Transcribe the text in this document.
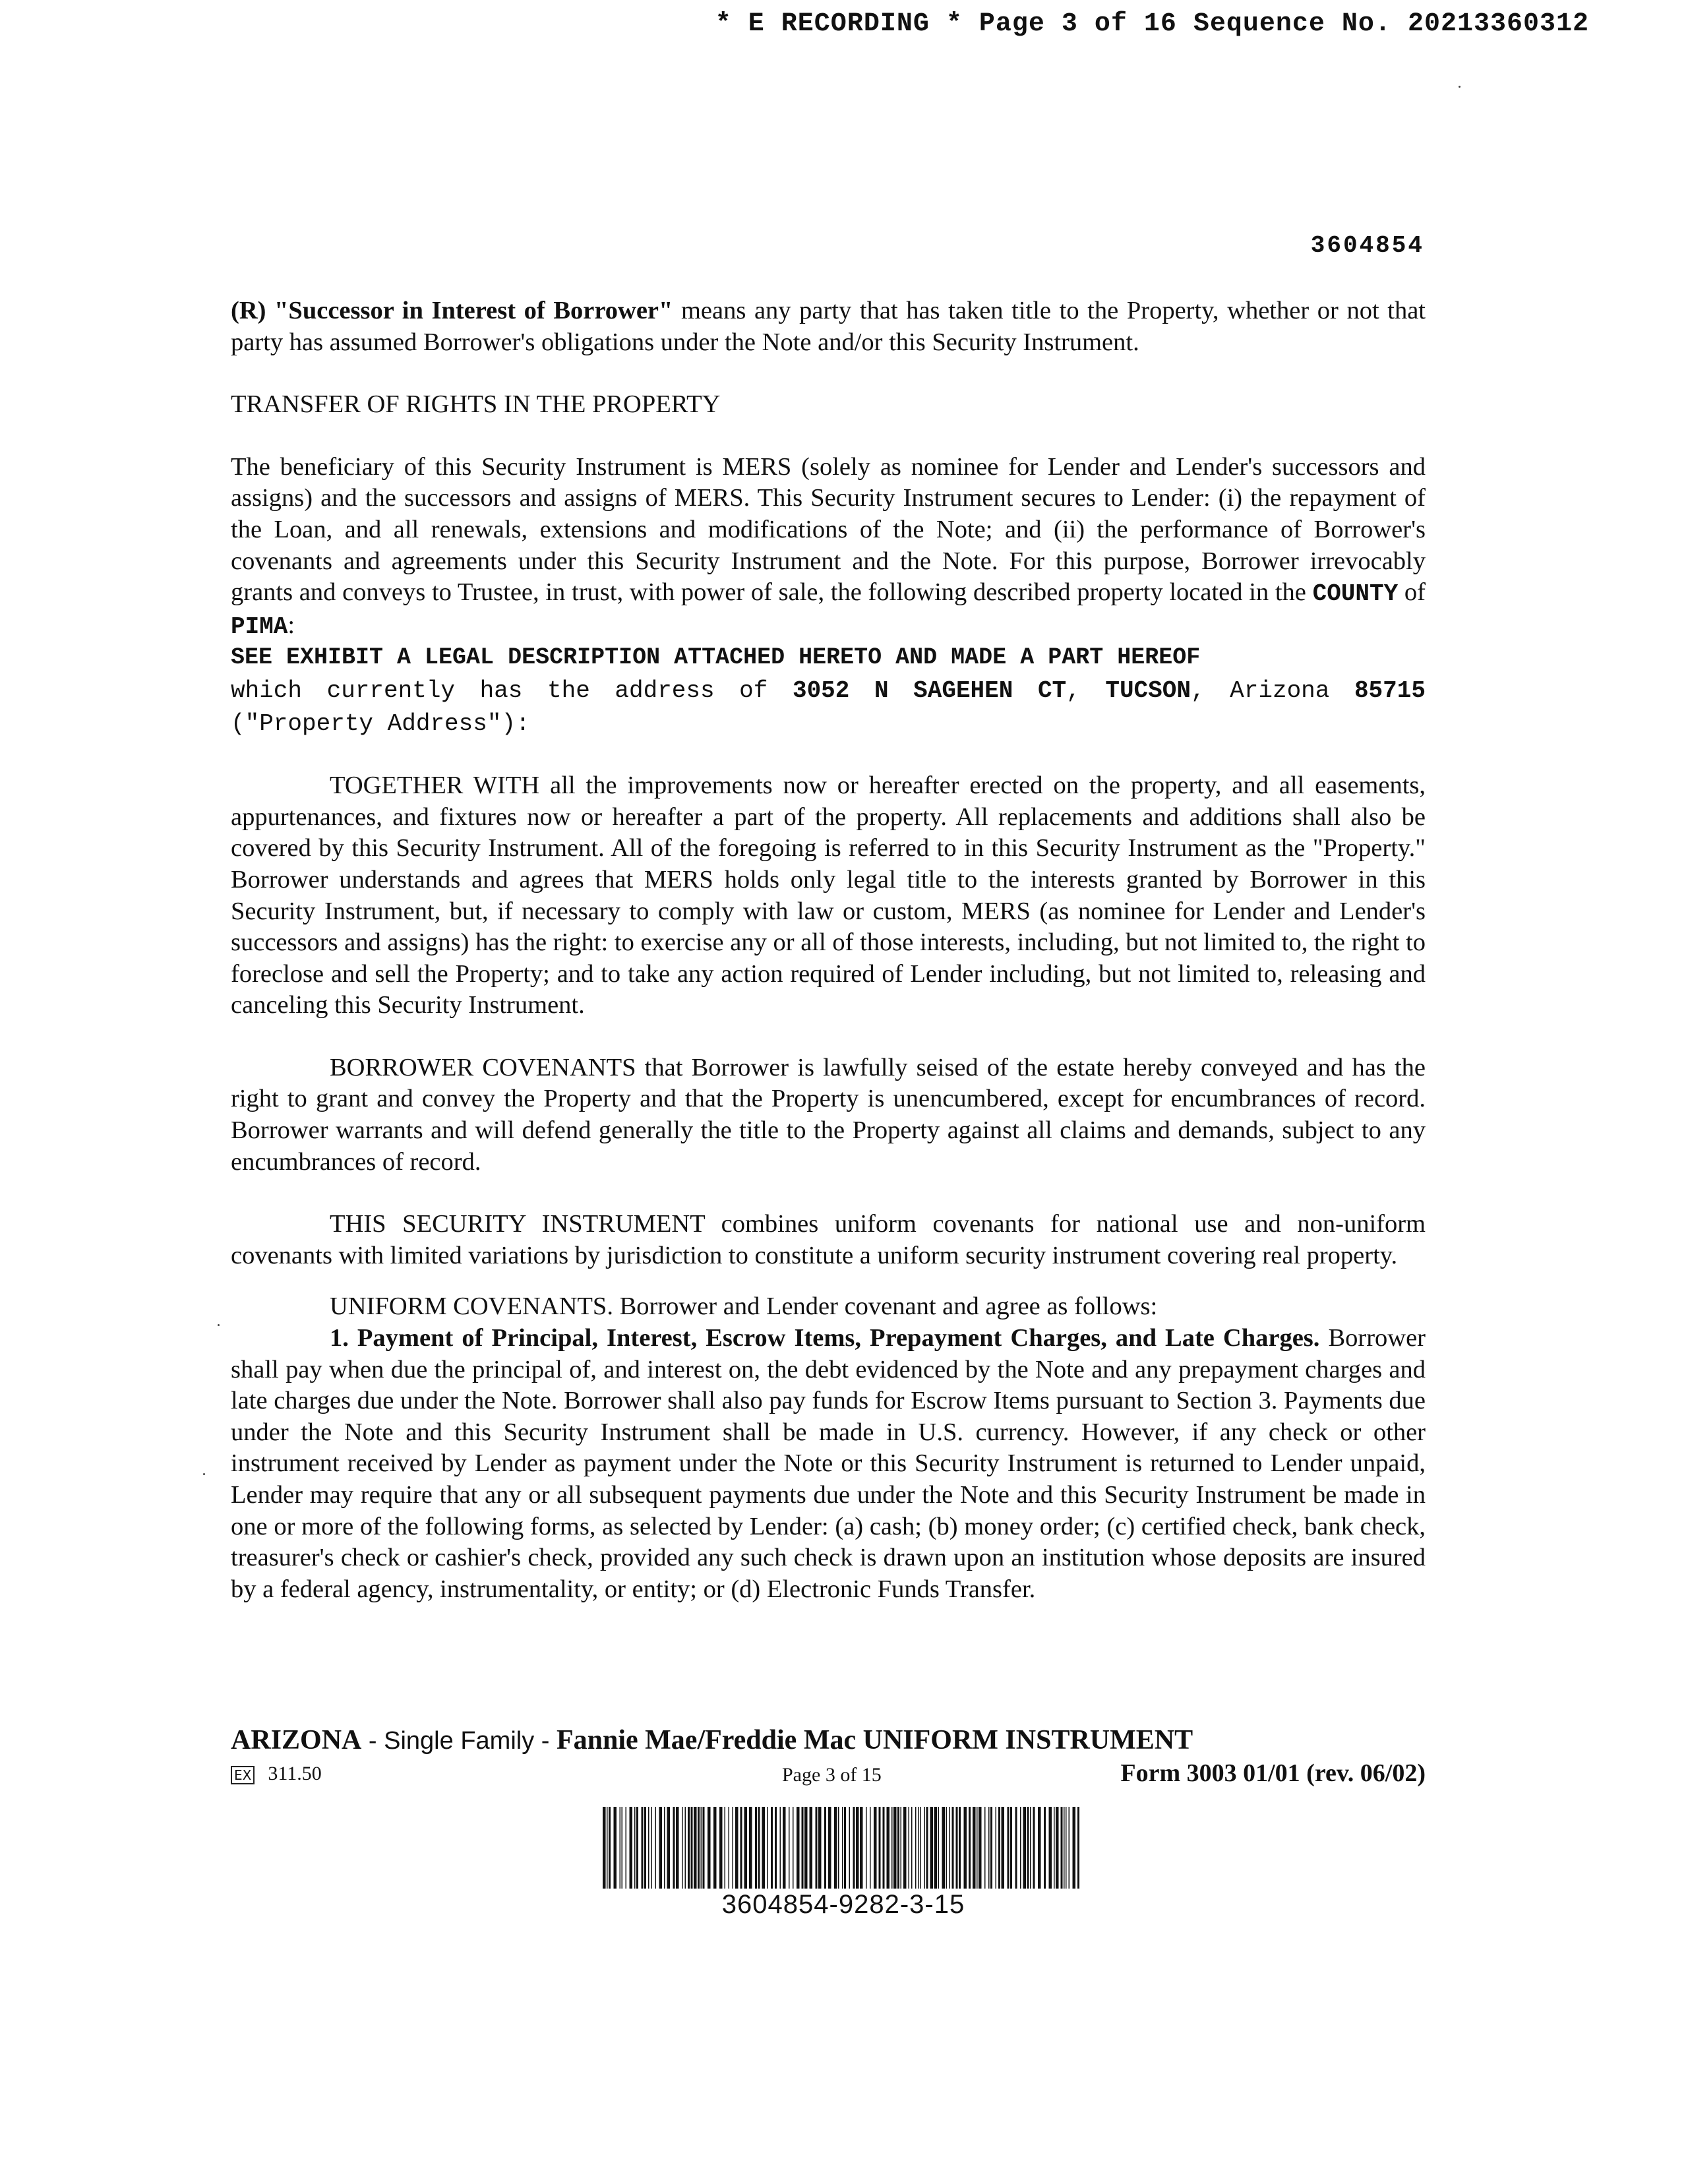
* E RECORDING * Page 3 of 16 Sequence No. 20213360312
3604854

(R) "Successor in Interest of Borrower" means any party that has taken title to the Property, whether or not that party has assumed Borrower's obligations under the Note and/or this Security Instrument.

TRANSFER OF RIGHTS IN THE PROPERTY

The beneficiary of this Security Instrument is MERS (solely as nominee for Lender and Lender's successors and assigns) and the successors and assigns of MERS. This Security Instrument secures to Lender: (i) the repayment of the Loan, and all renewals, extensions and modifications of the Note; and (ii) the performance of Borrower's covenants and agreements under this Security Instrument and the Note. For this purpose, Borrower irrevocably grants and conveys to Trustee, in trust, with power of sale, the following described property located in the COUNTY of PIMA:

SEE EXHIBIT A LEGAL DESCRIPTION ATTACHED HERETO AND MADE A PART HEREOF

which currently has the address of 3052 N SAGEHEN CT, TUCSON, Arizona 85715 ("Property Address"):

TOGETHER WITH all the improvements now or hereafter erected on the property, and all easements, appurtenances, and fixtures now or hereafter a part of the property. All replacements and additions shall also be covered by this Security Instrument. All of the foregoing is referred to in this Security Instrument as the "Property." Borrower understands and agrees that MERS holds only legal title to the interests granted by Borrower in this Security Instrument, but, if necessary to comply with law or custom, MERS (as nominee for Lender and Lender's successors and assigns) has the right: to exercise any or all of those interests, including, but not limited to, the right to foreclose and sell the Property; and to take any action required of Lender including, but not limited to, releasing and canceling this Security Instrument.

BORROWER COVENANTS that Borrower is lawfully seised of the estate hereby conveyed and has the right to grant and convey the Property and that the Property is unencumbered, except for encumbrances of record. Borrower warrants and will defend generally the title to the Property against all claims and demands, subject to any encumbrances of record.

THIS SECURITY INSTRUMENT combines uniform covenants for national use and non-uniform covenants with limited variations by jurisdiction to constitute a uniform security instrument covering real property.

UNIFORM COVENANTS. Borrower and Lender covenant and agree as follows:

1. Payment of Principal, Interest, Escrow Items, Prepayment Charges, and Late Charges. Borrower shall pay when due the principal of, and interest on, the debt evidenced by the Note and any prepayment charges and late charges due under the Note. Borrower shall also pay funds for Escrow Items pursuant to Section 3. Payments due under the Note and this Security Instrument shall be made in U.S. currency. However, if any check or other instrument received by Lender as payment under the Note or this Security Instrument is returned to Lender unpaid, Lender may require that any or all subsequent payments due under the Note and this Security Instrument be made in one or more of the following forms, as selected by Lender: (a) cash; (b) money order; (c) certified check, bank check, treasurer's check or cashier's check, provided any such check is drawn upon an institution whose deposits are insured by a federal agency, instrumentality, or entity; or (d) Electronic Funds Transfer.

ARIZONA - Single Family - Fannie Mae/Freddie Mac UNIFORM INSTRUMENT
EX 311.50	Page 3 of 15	Form 3003 01/01 (rev. 06/02)
3604854-9282-3-15
